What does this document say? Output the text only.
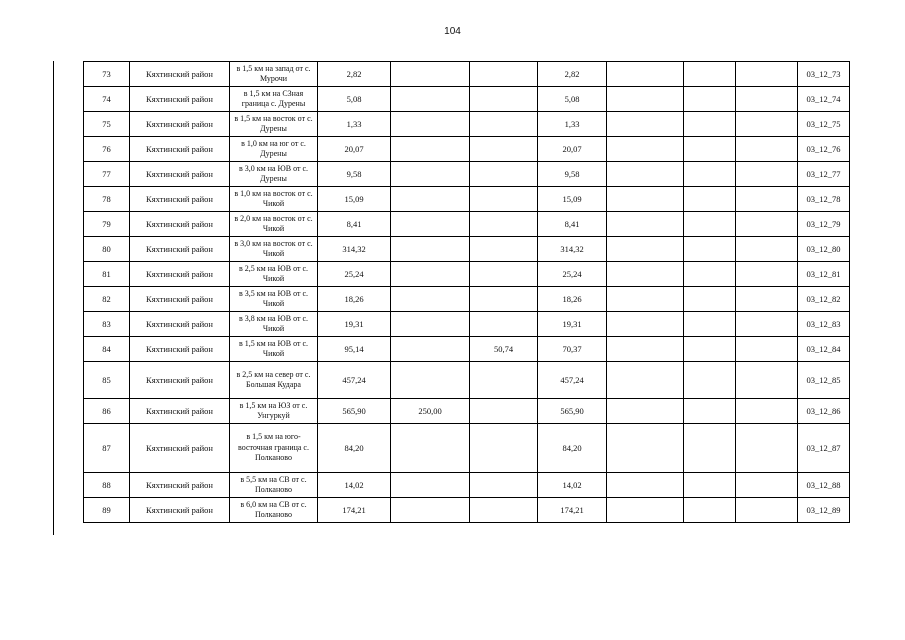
104
73	Кяхтинский район	в 1,5 км на запад от с. Мурочи	2,82			2,82				03_12_73
74	Кяхтинский район	в 1,5 км на СЗная граница с. Дурены	5,08			5,08				03_12_74
75	Кяхтинский район	в 1,5 км на восток от с. Дурены	1,33			1,33				03_12_75
76	Кяхтинский район	в 1,0 км на юг от с. Дурены	20,07			20,07				03_12_76
77	Кяхтинский район	в 3,0 км на ЮВ от с. Дурены	9,58			9,58				03_12_77
78	Кяхтинский район	в 1,0 км на восток от с. Чикой	15,09			15,09				03_12_78
79	Кяхтинский район	в 2,0 км на восток от с. Чикой	8,41			8,41				03_12_79
80	Кяхтинский район	в 3,0 км на восток от с. Чикой	314,32			314,32				03_12_80
81	Кяхтинский район	в 2,5 км на ЮВ от с. Чикой	25,24			25,24				03_12_81
82	Кяхтинский район	в 3,5 км на ЮВ от с. Чикой	18,26			18,26				03_12_82
83	Кяхтинский район	в 3,8 км на ЮВ от с. Чикой	19,31			19,31				03_12_83
84	Кяхтинский район	в 1,5 км на ЮВ от с. Чикой	95,14		50,74	70,37				03_12_84
85	Кяхтинский район	в 2,5 км на север от с. Большая Кудара	457,24			457,24				03_12_85
86	Кяхтинский район	в 1,5 км на ЮЗ от с. Унгуркуй	565,90	250,00		565,90				03_12_86
87	Кяхтинский район	в 1,5 км на юго-восточная граница с. Полканово	84,20			84,20				03_12_87
88	Кяхтинский район	в 5,5 км на СВ от с. Полканово	14,02			14,02				03_12_88
89	Кяхтинский район	в 6,0 км на СВ от с. Полканово	174,21			174,21				03_12_89
